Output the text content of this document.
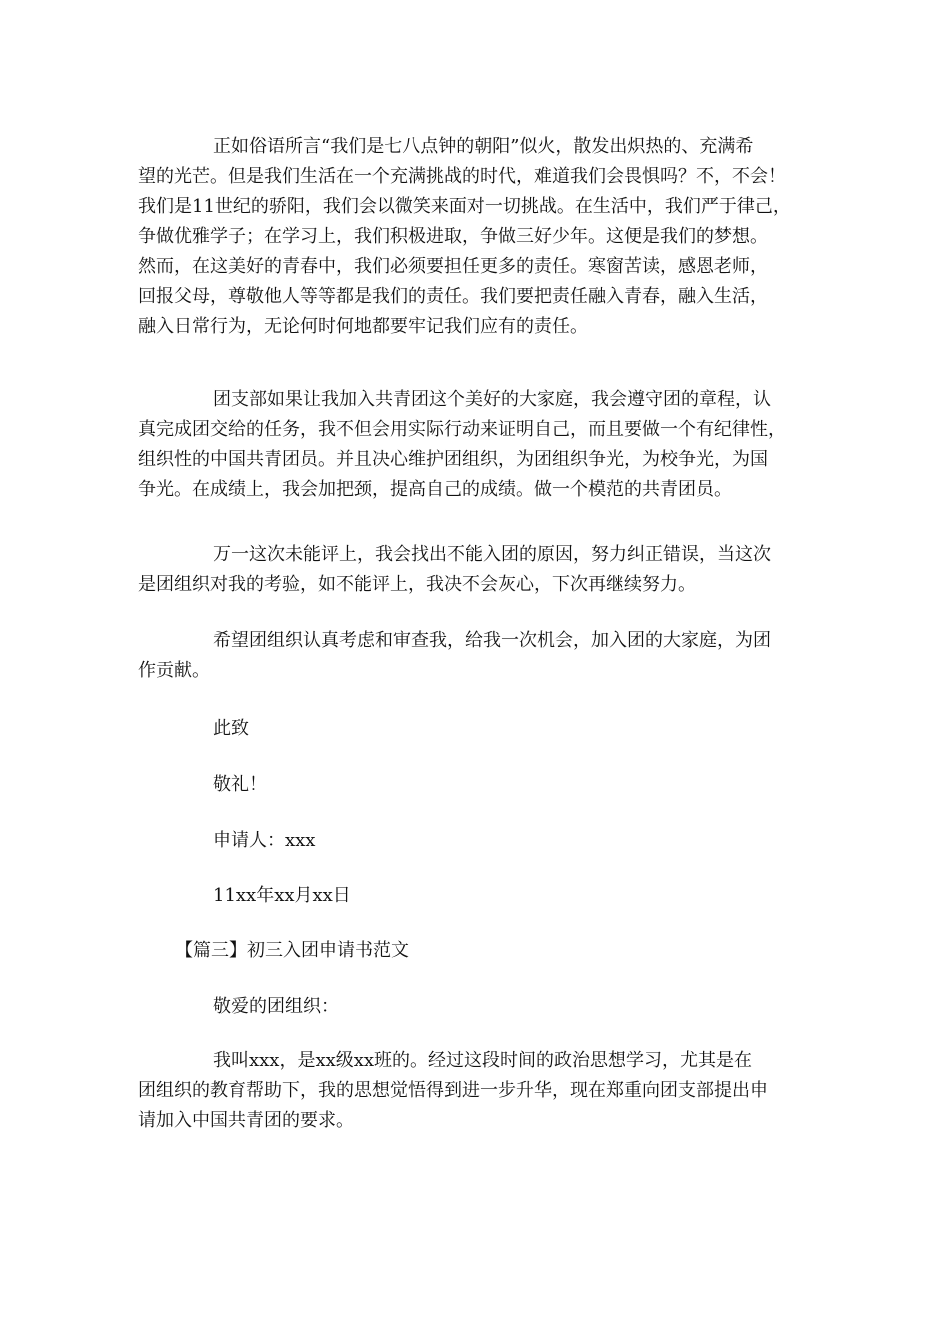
正如俗语所言“我们是七八点钟的朝阳”似火，散发出炽热的、充满希
望的光芒。但是我们生活在一个充满挑战的时代，难道我们会畏惧吗？不，不会！
我们是11世纪的骄阳，我们会以微笑来面对一切挑战。在生活中，我们严于律己，
争做优雅学子；在学习上，我们积极进取，争做三好少年。这便是我们的梦想。
然而，在这美好的青春中，我们必须要担任更多的责任。寒窗苦读，感恩老师，
回报父母，尊敬他人等等都是我们的责任。我们要把责任融入青春，融入生活，
融入日常行为，无论何时何地都要牢记我们应有的责任。

团支部如果让我加入共青团这个美好的大家庭，我会遵守团的章程，认
真完成团交给的任务，我不但会用实际行动来证明自己，而且要做一个有纪律性，
组织性的中国共青团员。并且决心维护团组织，为团组织争光，为校争光，为国
争光。在成绩上，我会加把颈，提高自己的成绩。做一个模范的共青团员。

万一这次未能评上，我会找出不能入团的原因，努力纠正错误，当这次
是团组织对我的考验，如不能评上，我决不会灰心，下次再继续努力。

希望团组织认真考虑和审查我，给我一次机会，加入团的大家庭，为团
作贡献。

此致

敬礼！

申请人：xxx

11xx年xx月xx日

【篇三】初三入团申请书范文

敬爱的团组织：

我叫xxx，是xx级xx班的。经过这段时间的政治思想学习，尤其是在
团组织的教育帮助下，我的思想觉悟得到进一步升华，现在郑重向团支部提出申
请加入中国共青团的要求。
